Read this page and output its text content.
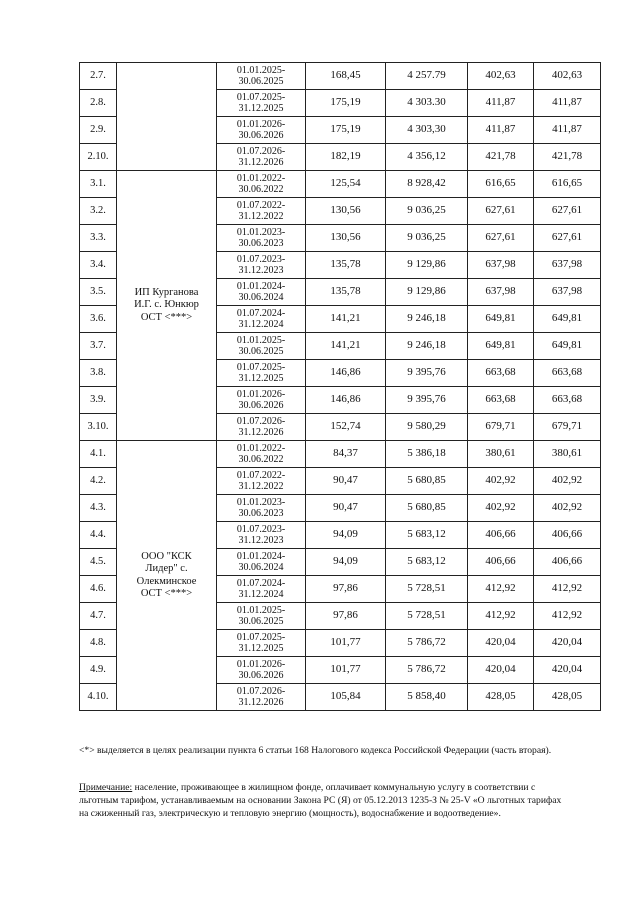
2.7.		01.01.2025-
30.06.2025	168,45	4 257.79	402,63	402,63
2.8.		01.07.2025-
31.12.2025	175,19	4 303.30	411,87	411,87
2.9.		01.01.2026-
30.06.2026	175,19	4 303,30	411,87	411,87
2.10.		01.07.2026-
31.12.2026	182,19	4 356,12	421,78	421,78
3.1.	ИП Курганова
И.Г. с. Юнкюр
ОСТ <***>	01.01.2022-
30.06.2022	125,54	8 928,42	616,65	616,65
3.2.		01.07.2022-
31.12.2022	130,56	9 036,25	627,61	627,61
3.3.		01.01.2023-
30.06.2023	130,56	9 036,25	627,61	627,61
3.4.		01.07.2023-
31.12.2023	135,78	9 129,86	637,98	637,98
3.5.		01.01.2024-
30.06.2024	135,78	9 129,86	637,98	637,98
3.6.		01.07.2024-
31.12.2024	141,21	9 246,18	649,81	649,81
3.7.		01.01.2025-
30.06.2025	141,21	9 246,18	649,81	649,81
3.8.		01.07.2025-
31.12.2025	146,86	9 395,76	663,68	663,68
3.9.		01.01.2026-
30.06.2026	146,86	9 395,76	663,68	663,68
3.10.		01.07.2026-
31.12.2026	152,74	9 580,29	679,71	679,71
4.1.	ООО "КСК
Лидер" с.
Олекминское
ОСТ <***>	01.01.2022-
30.06.2022	84,37	5 386,18	380,61	380,61
4.2.		01.07.2022-
31.12.2022	90,47	5 680,85	402,92	402,92
4.3.		01.01.2023-
30.06.2023	90,47	5 680,85	402,92	402,92
4.4.		01.07.2023-
31.12.2023	94,09	5 683,12	406,66	406,66
4.5.		01.01.2024-
30.06.2024	94,09	5 683,12	406,66	406,66
4.6.		01.07.2024-
31.12.2024	97,86	5 728,51	412,92	412,92
4.7.		01.01.2025-
30.06.2025	97,86	5 728,51	412,92	412,92
4.8.		01.07.2025-
31.12.2025	101,77	5 786,72	420,04	420,04
4.9.		01.01.2026-
30.06.2026	101,77	5 786,72	420,04	420,04
4.10.		01.07.2026-
31.12.2026	105,84	5 858,40	428,05	428,05
<*> выделяется в целях реализации пункта 6 статьи 168 Налогового кодекса Российской Федерации (часть вторая).
Примечание: население, проживающее в жилищном фонде, оплачивает коммунальную услугу в соответствии с льготным тарифом, устанавливаемым на основании Закона РС (Я) от 05.12.2013 1235-З № 25-V «О льготных тарифах на сжиженный газ, электрическую и тепловую энергию (мощность), водоснабжение и водоотведение».
